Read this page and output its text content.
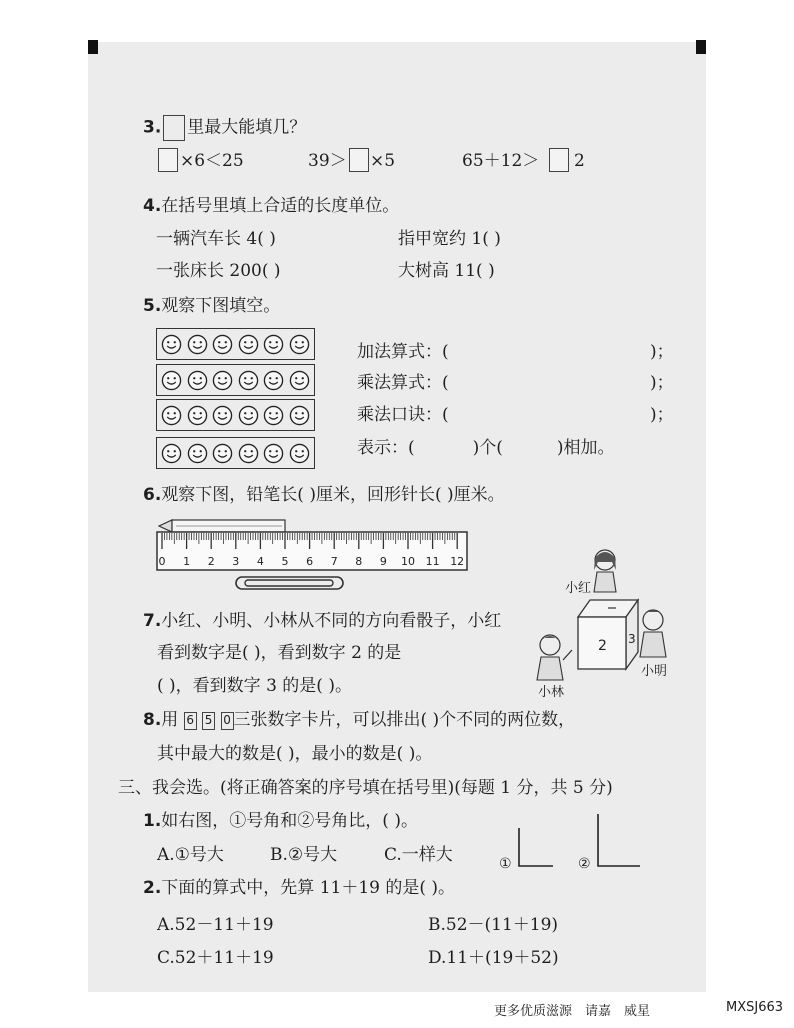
3. 里最大能填几？
×6＜25	39＞ ×5	65＋12＞ 2
4.在括号里填上合适的长度单位。
一辆汽车长 4( )	指甲宽约 1( )
一张床长 200( )	大树高 11( )
5.观察下图填空。
加法算式：(	)；
乘法算式：(	)；
乘法口诀：(	)；
表示：(	)个(	)相加。
6.观察下图，铅笔长( )厘米，回形针长( )厘米。
0 1 2 3 4 5 6 7 8 9 10 11 12
7.小红、小明、小林从不同的方向看骰子，小红
看到数字是( )，看到数字 2 的是
( )，看到数字 3 的是( )。
小红
2 3
小明
小林
8.用 6 5 0 三张数字卡片，可以排出( )个不同的两位数，
其中最大的数是( )，最小的数是( )。
三、我会选。(将正确答案的序号填在括号里)(每题 1 分，共 5 分)
1.如右图，①号角和②号角比，( )。
A.①号大	B.②号大	C.一样大	①	②
2.下面的算式中，先算 11＋19 的是( )。
A.52－11＋19	B.52－(11＋19)
C.52＋11＋19	D.11＋(19＋52)
更多优质滋源　请嘉　威星	MXSJ663
